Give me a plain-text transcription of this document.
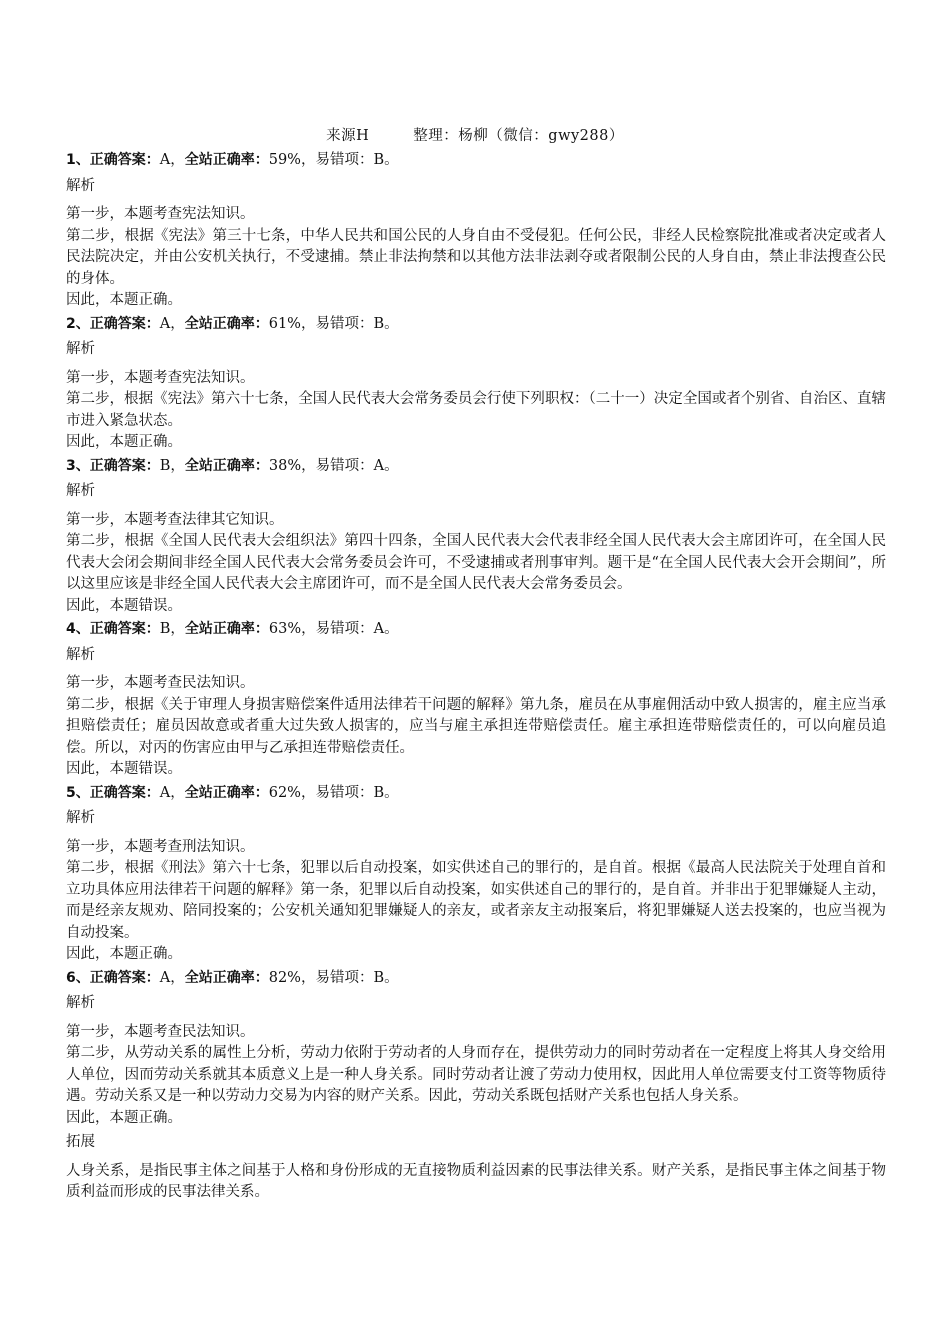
来源H	整理：杨柳（微信：gwy288）
1、正确答案：A，全站正确率：59%，易错项：B。
解析
第一步，本题考查宪法知识。
第二步，根据《宪法》第三十七条，中华人民共和国公民的人身自由不受侵犯。任何公民，非经人民检察院批准或者决定或者人民法院决定，并由公安机关执行，不受逮捕。禁止非法拘禁和以其他方法非法剥夺或者限制公民的人身自由，禁止非法搜查公民的身体。
因此，本题正确。
2、正确答案：A，全站正确率：61%，易错项：B。
解析
第一步，本题考查宪法知识。
第二步，根据《宪法》第六十七条，全国人民代表大会常务委员会行使下列职权：（二十一）决定全国或者个别省、自治区、直辖市进入紧急状态。
因此，本题正确。
3、正确答案：B，全站正确率：38%，易错项：A。
解析
第一步，本题考查法律其它知识。
第二步，根据《全国人民代表大会组织法》第四十四条，全国人民代表大会代表非经全国人民代表大会主席团许可，在全国人民代表大会闭会期间非经全国人民代表大会常务委员会许可，不受逮捕或者刑事审判。题干是“在全国人民代表大会开会期间”，所以这里应该是非经全国人民代表大会主席团许可，而不是全国人民代表大会常务委员会。
因此，本题错误。
4、正确答案：B，全站正确率：63%，易错项：A。
解析
第一步，本题考查民法知识。
第二步，根据《关于审理人身损害赔偿案件适用法律若干问题的解释》第九条，雇员在从事雇佣活动中致人损害的，雇主应当承担赔偿责任；雇员因故意或者重大过失致人损害的，应当与雇主承担连带赔偿责任。雇主承担连带赔偿责任的，可以向雇员追偿。所以，对丙的伤害应由甲与乙承担连带赔偿责任。
因此，本题错误。
5、正确答案：A，全站正确率：62%，易错项：B。
解析
第一步，本题考查刑法知识。
第二步，根据《刑法》第六十七条，犯罪以后自动投案，如实供述自己的罪行的，是自首。根据《最高人民法院关于处理自首和立功具体应用法律若干问题的解释》第一条，犯罪以后自动投案，如实供述自己的罪行的，是自首。并非出于犯罪嫌疑人主动，而是经亲友规劝、陪同投案的；公安机关通知犯罪嫌疑人的亲友，或者亲友主动报案后，将犯罪嫌疑人送去投案的，也应当视为自动投案。
因此，本题正确。
6、正确答案：A，全站正确率：82%，易错项：B。
解析
第一步，本题考查民法知识。
第二步，从劳动关系的属性上分析，劳动力依附于劳动者的人身而存在，提供劳动力的同时劳动者在一定程度上将其人身交给用人单位，因而劳动关系就其本质意义上是一种人身关系。同时劳动者让渡了劳动力使用权，因此用人单位需要支付工资等物质待遇。劳动关系又是一种以劳动力交易为内容的财产关系。因此，劳动关系既包括财产关系也包括人身关系。
因此，本题正确。
拓展
人身关系，是指民事主体之间基于人格和身份形成的无直接物质利益因素的民事法律关系。财产关系，是指民事主体之间基于物质利益而形成的民事法律关系。
